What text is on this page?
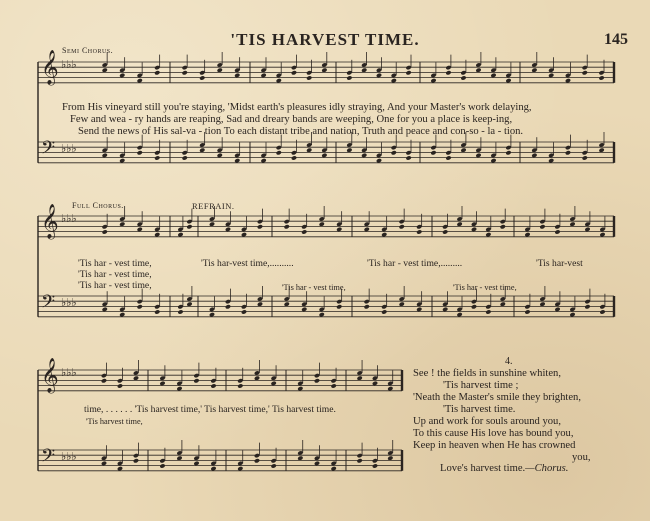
'TIS HARVEST TIME.	145
Semi Chorus.
From His vineyard still you're staying, 'Midst earth's pleasures idly straying, And your Master's work delaying,
Few and wea - ry hands are reaping, Sad and dreary bands are weeping, One for you a place is keep-ing,
Send the news of His sal-va - tion To each distant tribe and nation, Truth and peace and con-so - la - tion.
Full Chorus.	REFRAIN.
'Tis har - vest time,
'Tis har - vest time,
'Tis har - vest time,
'Tis har-vest time,..........	'Tis har - vest time,.........	'Tis har-vest
'Tis har - vest time,	'Tis har - vest time,
time, . . . . . . 'Tis harvest time,' Tis harvest time,' Tis harvest time.
'Tis harvest time,
4.
See ! the fields in sunshine whiten,
'Tis harvest time ;
'Neath the Master's smile they brighten,
'Tis harvest time.
Up and work for souls around you,
To this cause His love has bound you,
Keep in heaven when He has crowned
you,
Love's harvest time.—Chorus.
𝄞 ♭♭♭
𝄢 ♭♭♭
𝄞 ♭♭♭
𝄢 ♭♭♭
𝄞 ♭♭♭
𝄢 ♭♭♭
